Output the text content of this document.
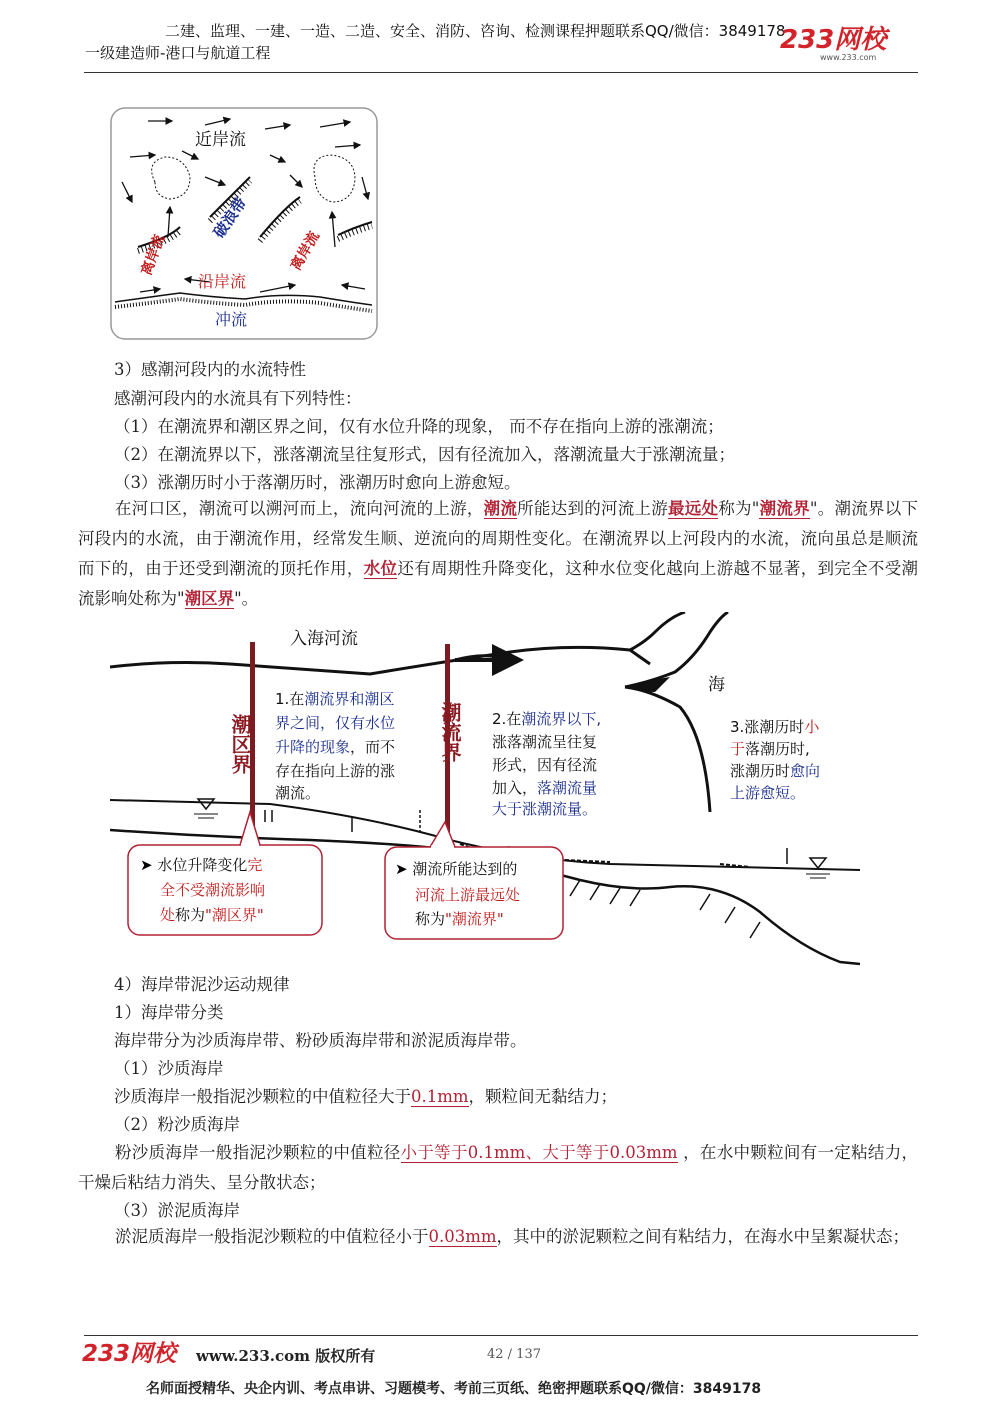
二建、监理、一建、一造、二造、安全、消防、咨询、检测课程押题联系QQ/微信：3849178
一级建造师-港口与航道工程	233网校
www.233.com
近岸流
破浪带
离岸流	离岸流
沿岸流
冲流
3）感潮河段内的水流特性
感潮河段内的水流具有下列特性：
（1）在潮流界和潮区界之间，仅有水位升降的现象， 而不存在指向上游的涨潮流；
（2）在潮流界以下，涨落潮流呈往复形式，因有径流加入，落潮流量大于涨潮流量；
（3）涨潮历时小于落潮历时，涨潮历时愈向上游愈短。
在河口区，潮流可以溯河而上，流向河流的上游，潮流所能达到的河流上游最远处称为"潮流界"。潮流界以下河段内的水流，由于潮流作用，经常发生顺、逆流向的周期性变化。在潮流界以上河段内的水流，流向虽总是顺流而下的，由于还受到潮流的顶托作用，水位还有周期性升降变化，这种水位变化越向上游越不显著，到完全不受潮流影响处称为"潮区界"。
入海河流
海
潮区界	潮流界
1.在潮流界和潮区
界之间，仅有水位
升降的现象，而不
存在指向上游的涨
潮流。
2.在潮流界以下,
涨落潮流呈往复
形式，因有径流
加入，落潮流量
大于涨潮流量。
3.涨潮历时小
于落潮历时,
涨潮历时愈向
上游愈短。
➤ 水位升降变化完
全不受潮流影响
处称为"潮区界"
➤ 潮流所能达到的
河流上游最远处
称为"潮流界"
4）海岸带泥沙运动规律
1）海岸带分类
海岸带分为沙质海岸带、粉砂质海岸带和淤泥质海岸带。
（1）沙质海岸
沙质海岸一般指泥沙颗粒的中值粒径大于0.1mm，颗粒间无黏结力；
（2）粉沙质海岸
粉沙质海岸一般指泥沙颗粒的中值粒径小于等于0.1mm、大于等于0.03mm ，在水中颗粒间有一定粘结力，干燥后粘结力消失、呈分散状态；
（3）淤泥质海岸
淤泥质海岸一般指泥沙颗粒的中值粒径小于0.03mm，其中的淤泥颗粒之间有粘结力，在海水中呈絮凝状态；
233网校 www.233.com 版权所有	42 / 137
名师面授精华、央企内训、考点串讲、习题模考、考前三页纸、绝密押题联系QQ/微信：3849178
